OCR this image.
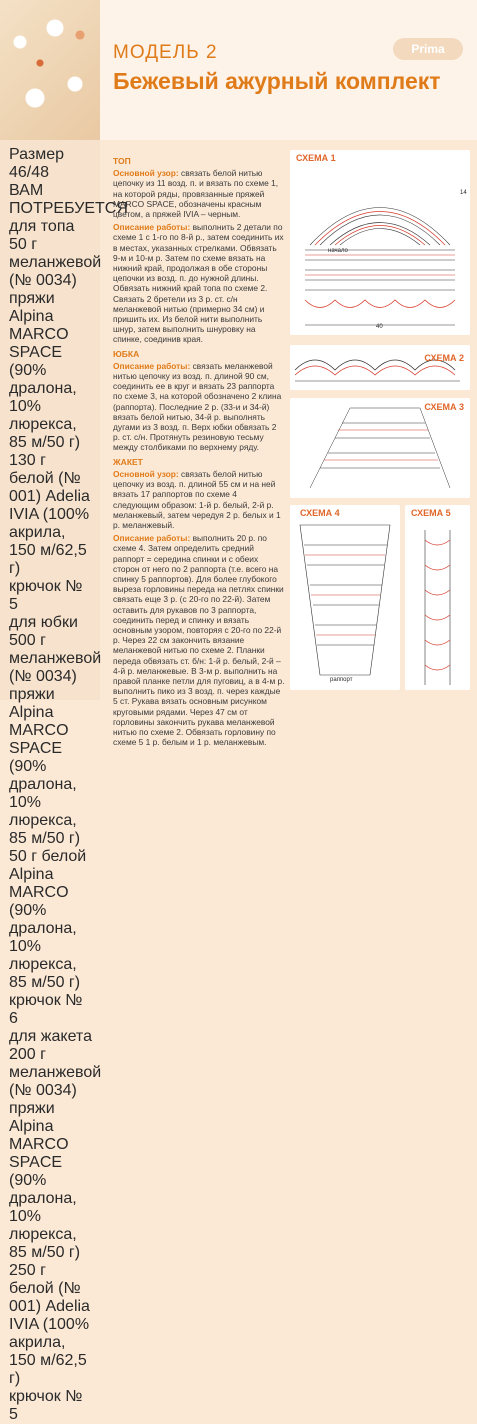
МОДЕЛЬ 2
Бежевый ажурный комплект
Prima
Размер
46/48
ВАМ ПОТРЕБУЕТСЯ
для топа
50 г меланжевой (№ 0034) пряжи Alpina MARCO SPACE (90% дралона, 10% люрекса, 85 м/50 г)
130 г белой (№ 001) Adelia IVIA (100% акрила, 150 м/62,5 г)
крючок № 5
для юбки
500 г меланжевой (№ 0034) пряжи Alpina MARCO SPACE (90% дралона, 10% люрекса, 85 м/50 г)
50 г белой Alpina MARCO (90% дралона, 10% люрекса, 85 м/50 г)
крючок № 6
для жакета
200 г меланжевой (№ 0034) пряжи Alpina MARCO SPACE (90% дралона, 10% люрекса, 85 м/50 г)
250 г белой (№ 001) Adelia IVIA (100% акрила, 150 м/62,5 г)
крючок № 5
ТОП

Основной узор: связать белой нитью цепочку из 11 возд. п. и вязать по схеме 1, на которой ряды, провязанные пряжей MARCO SPACE, обозначены красным цветом, а пряжей IVIA – черным.

Описание работы: выполнить 2 детали по схеме 1 с 1-го по 8-й р., затем соединить их в местах, указанных стрелками. Обвязать 9-м и 10-м р. Затем по схеме вязать на нижний край, продолжая в обе стороны цепочки из возд. п. до нужной длины. Обвязать нижний край топа по схеме 2. Связать 2 бретели из 3 р. ст. с/н меланжевой нитью (примерно 34 см) и пришить их. Из белой нити выполнить шнур, затем выполнить шнуровку на спинке, соединив края.

ЮБКА

Описание работы: связать меланжевой нитью цепочку из возд. п. длиной 90 см, соединить ее в круг и вязать 23 раппорта по схеме 3, на которой обозначено 2 клина (раппорта). Последние 2 р. (33-и и 34-й) вязать белой нитью, 34-й р. выполнять дугами из 3 возд. п. Верх юбки обвязать 2 р. ст. с/н. Протянуть резиновую тесьму между столбиками по верхнему ряду.

ЖАКЕТ

Основной узор: связать белой нитью цепочку из возд. п. длиной 55 см и на ней вязать 17 раппортов по схеме 4 следующим образом: 1-й р. белый, 2-й р. меланжевый, затем чередуя 2 р. белых и 1 р. меланжевый.

Описание работы: выполнить 20 р. по схеме 4. Затем определить средний раппорт = середина спинки и с обеих сторон от него по 2 раппорта (т.е. всего на спинку 5 раппортов). Для более глубокого выреза горловины переда на петлях спинки связать еще 3 р. (с 20-го по 22-й). Затем оставить для рукавов по 3 раппорта, соединить перед и спинку и вязать основным узором, повторяя с 20-го по 22-й р. Через 22 см закончить вязание меланжевой нитью по схеме 2. Планки переда обвязать ст. б/н: 1-й р. белый, 2-й – 4-й р. меланжевые. В 3-м р. выполнить на правой планке петли для пуговиц, а в 4-м р. выполнить пико из 3 возд. п. через каждые 5 ст. Рукава вязать основным рисунком круговыми рядами. Через 47 см от горловины закончить рукава меланжевой нитью по схеме 2. Обвязать горловину по схеме 5 1 р. белым и 1 р. меланжевым.

СХЕМА 1
начало
40
14
СХЕМА 2
СХЕМА 3
СХЕМА 4
раппорт
СХЕМА 5
